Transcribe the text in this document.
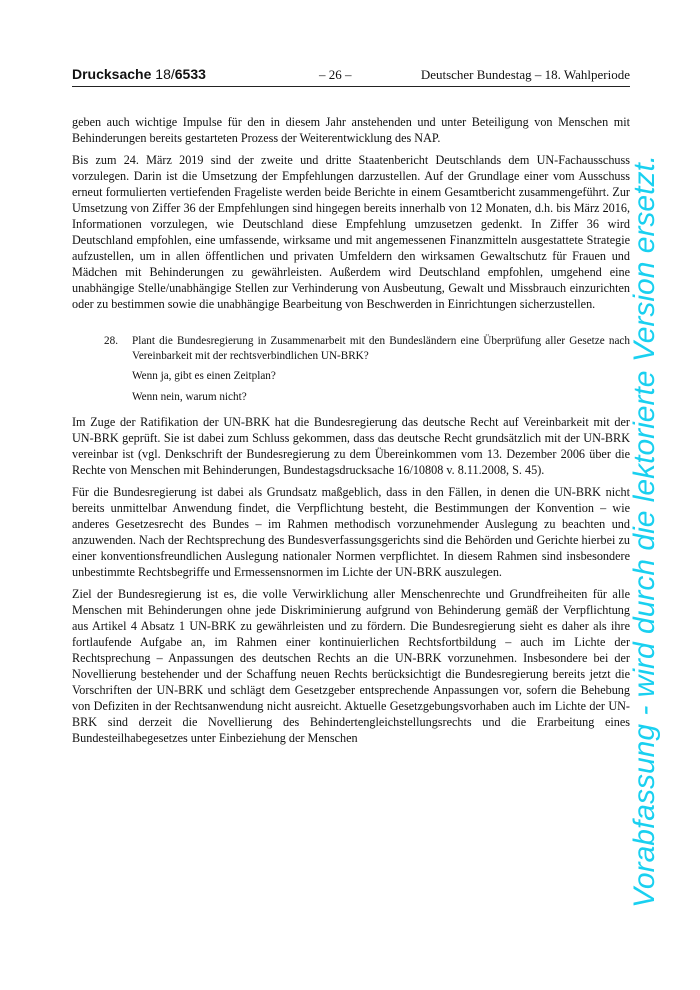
Drucksache 18/6533	– 26 –	Deutscher Bundestag – 18. Wahlperiode

geben auch wichtige Impulse für den in diesem Jahr anstehenden und unter Beteiligung von Menschen mit Behinderungen bereits gestarteten Prozess der Weiterentwicklung des NAP.

Bis zum 24. März 2019 sind der zweite und dritte Staatenbericht Deutschlands dem UN-Fachausschuss vorzulegen. Darin ist die Umsetzung der Empfehlungen darzustellen. Auf der Grundlage einer vom Ausschuss erneut formulierten vertiefenden Frageliste werden beide Berichte in einem Gesamtbericht zusammengeführt. Zur Umsetzung von Ziffer 36 der Empfehlungen sind hingegen bereits innerhalb von 12 Monaten, d.h. bis März 2016, Informationen vorzulegen, wie Deutschland diese Empfehlung umzusetzen gedenkt. In Ziffer 36 wird Deutschland empfohlen, eine umfassende, wirksame und mit angemessenen Finanzmitteln ausgestattete Strategie aufzustellen, um in allen öffentlichen und privaten Umfeldern den wirksamen Gewaltschutz für Frauen und Mädchen mit Behinderungen zu gewährleisten. Außerdem wird Deutschland empfohlen, umgehend eine unabhängige Stelle/unabhängige Stellen zur Verhinderung von Ausbeutung, Gewalt und Missbrauch einzurichten oder zu bestimmen sowie die unabhängige Bearbeitung von Beschwerden in Einrichtungen sicherzustellen.

28. Plant die Bundesregierung in Zusammenarbeit mit den Bundesländern eine Überprüfung aller Gesetze nach Vereinbarkeit mit der rechtsverbindlichen UN-BRK?

Wenn ja, gibt es einen Zeitplan?

Wenn nein, warum nicht?

Im Zuge der Ratifikation der UN-BRK hat die Bundesregierung das deutsche Recht auf Vereinbarkeit mit der UN-BRK geprüft. Sie ist dabei zum Schluss gekommen, dass das deutsche Recht grundsätzlich mit der UN-BRK vereinbar ist (vgl. Denkschrift der Bundesregierung zu dem Übereinkommen vom 13. Dezember 2006 über die Rechte von Menschen mit Behinderungen, Bundestagsdrucksache 16/10808 v. 8.11.2008, S. 45).

Für die Bundesregierung ist dabei als Grundsatz maßgeblich, dass in den Fällen, in denen die UN-BRK nicht bereits unmittelbar Anwendung findet, die Verpflichtung besteht, die Bestimmungen der Konvention – wie anderes Gesetzesrecht des Bundes – im Rahmen methodisch vorzunehmender Auslegung zu beachten und anzuwenden. Nach der Rechtsprechung des Bundesverfassungsgerichts sind die Behörden und Gerichte hierbei zu einer konventionsfreundlichen Auslegung nationaler Normen verpflichtet. In diesem Rahmen sind insbesondere unbestimmte Rechtsbegriffe und Ermessensnormen im Lichte der UN-BRK auszulegen.

Ziel der Bundesregierung ist es, die volle Verwirklichung aller Menschenrechte und Grundfreiheiten für alle Menschen mit Behinderungen ohne jede Diskriminierung aufgrund von Behinderung gemäß der Verpflichtung aus Artikel 4 Absatz 1 UN-BRK zu gewährleisten und zu fördern. Die Bundesregierung sieht es daher als ihre fortlaufende Aufgabe an, im Rahmen einer kontinuierlichen Rechtsfortbildung – auch im Lichte der Rechtsprechung – Anpassungen des deutschen Rechts an die UN-BRK vorzunehmen. Insbesondere bei der Novellierung bestehender und der Schaffung neuen Rechts berücksichtigt die Bundesregierung bereits jetzt die Vorschriften der UN-BRK und schlägt dem Gesetzgeber entsprechende Anpassungen vor, sofern die Behebung von Defiziten in der Rechtsanwendung nicht ausreicht. Aktuelle Gesetzgebungsvorhaben auch im Lichte der UN-BRK sind derzeit die Novellierung des Behindertengleichstellungsrechts und die Erarbeitung eines Bundesteilhabegesetzes unter Einbeziehung der Menschen	Vorabfassung - wird durch die lektorierte Version ersetzt.
